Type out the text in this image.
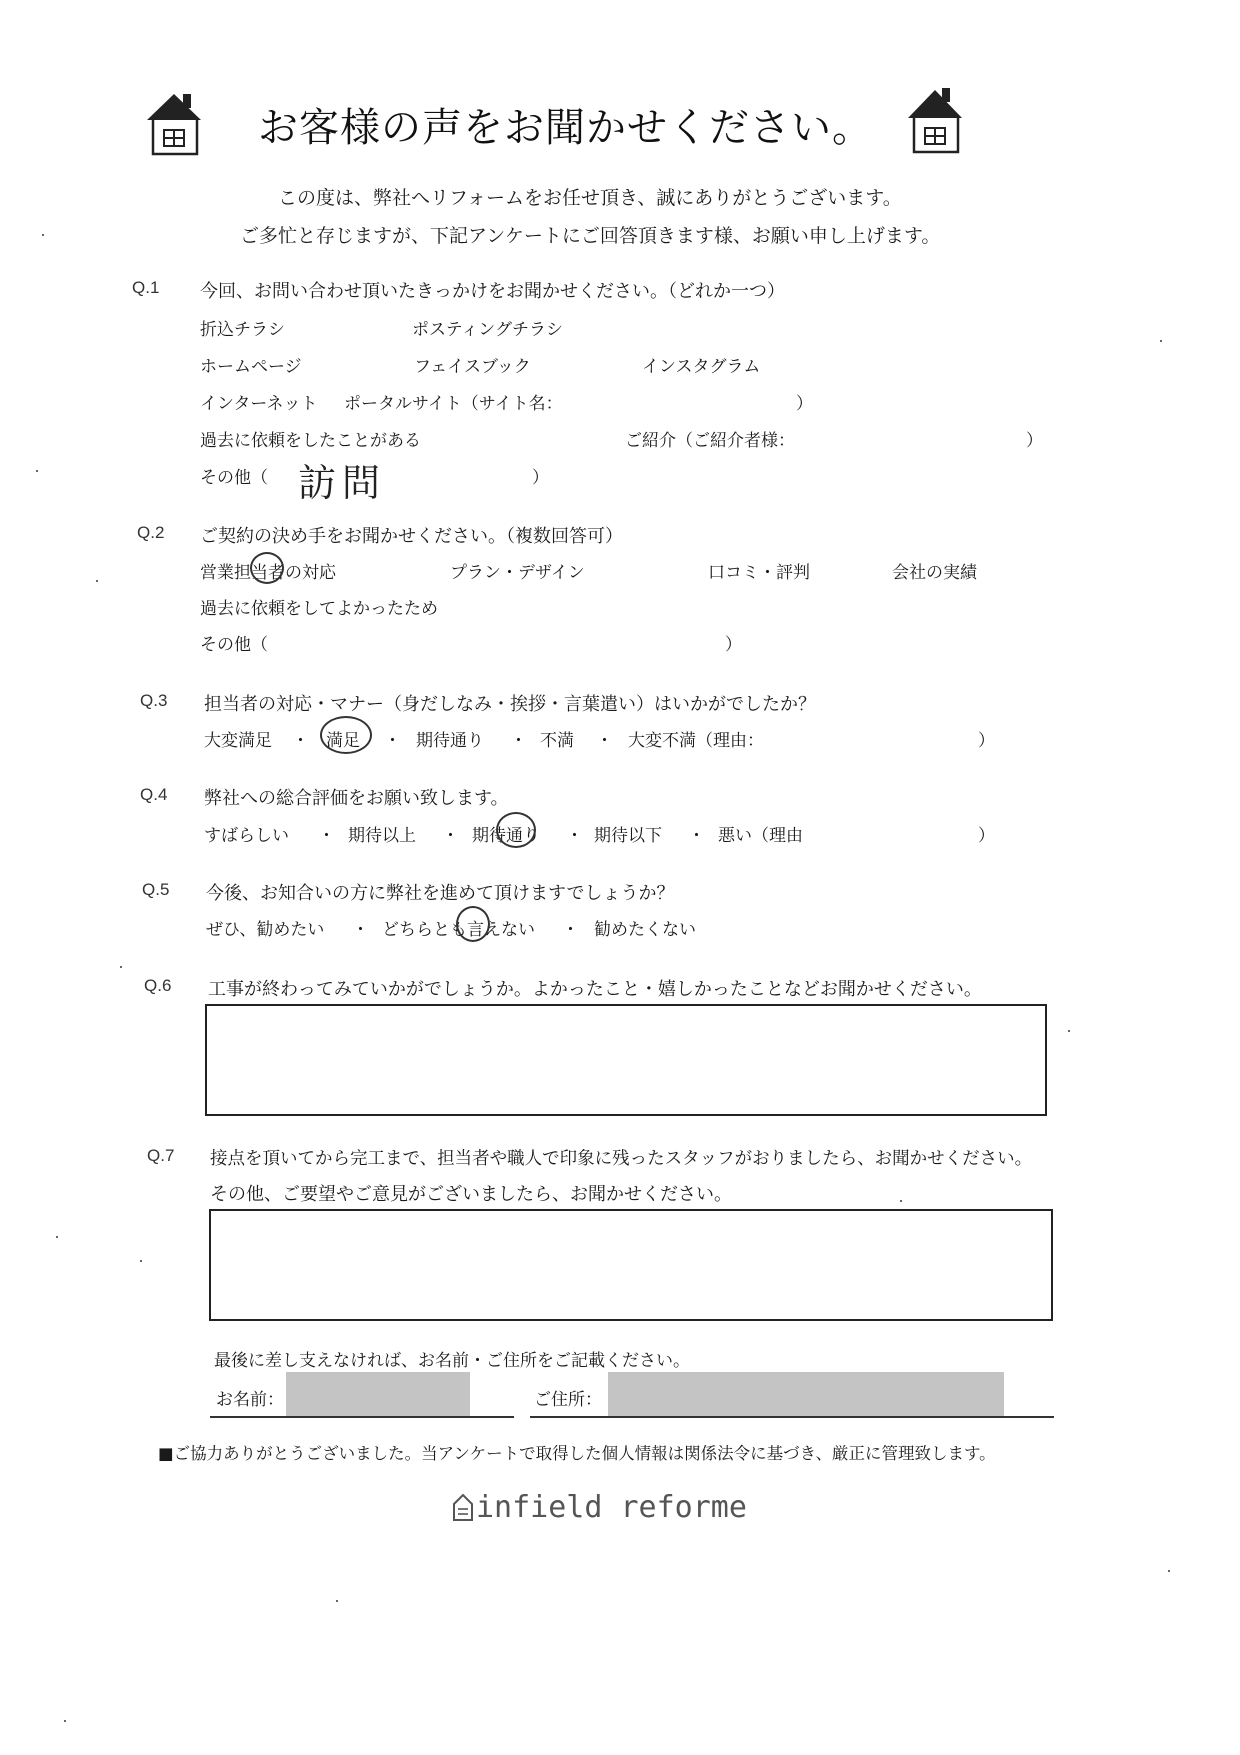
お客様の声をお聞かせください。
この度は、弊社へリフォームをお任せ頂き、誠にありがとうございます。
ご多忙と存じますが、下記アンケートにご回答頂きます様、お願い申し上げます。
Q.1 今回、お問い合わせ頂いたきっかけをお聞かせください。（どれか一つ）
折込チラシ	ポスティングチラシ
ホームページ	フェイスブック	インスタグラム
インターネット ポータルサイト（サイト名：	）
過去に依頼をしたことがある	ご紹介（ご紹介者様：	）
その他（ 訪問	）
Q.2 ご契約の決め手をお聞かせください。（複数回答可）
営業担当者の対応	プラン・デザイン	口コミ・評判	会社の実績
過去に依頼をしてよかったため
その他（	）
Q.3 担当者の対応・マナー（身だしなみ・挨拶・言葉遣い）はいかがでしたか？
大変満足 ・ 満足 ・ 期待通り ・ 不満 ・ 大変不満（理由：	）
Q.4 弊社への総合評価をお願い致します。
すばらしい ・ 期待以上 ・ 期待通り ・ 期待以下 ・ 悪い（理由	）
Q.5 今後、お知合いの方に弊社を進めて頂けますでしょうか？
ぜひ、勧めたい ・ どちらとも言えない ・ 勧めたくない
Q.6 工事が終わってみていかがでしょうか。よかったこと・嬉しかったことなどお聞かせください。
Q.7 接点を頂いてから完工まで、担当者や職人で印象に残ったスタッフがおりましたら、お聞かせください。
その他、ご要望やご意見がございましたら、お聞かせください。
最後に差し支えなければ、お名前・ご住所をご記載ください。
お名前：	ご住所：
■ご協力ありがとうございました。当アンケートで取得した個人情報は関係法令に基づき、厳正に管理致します。
infield reforme
